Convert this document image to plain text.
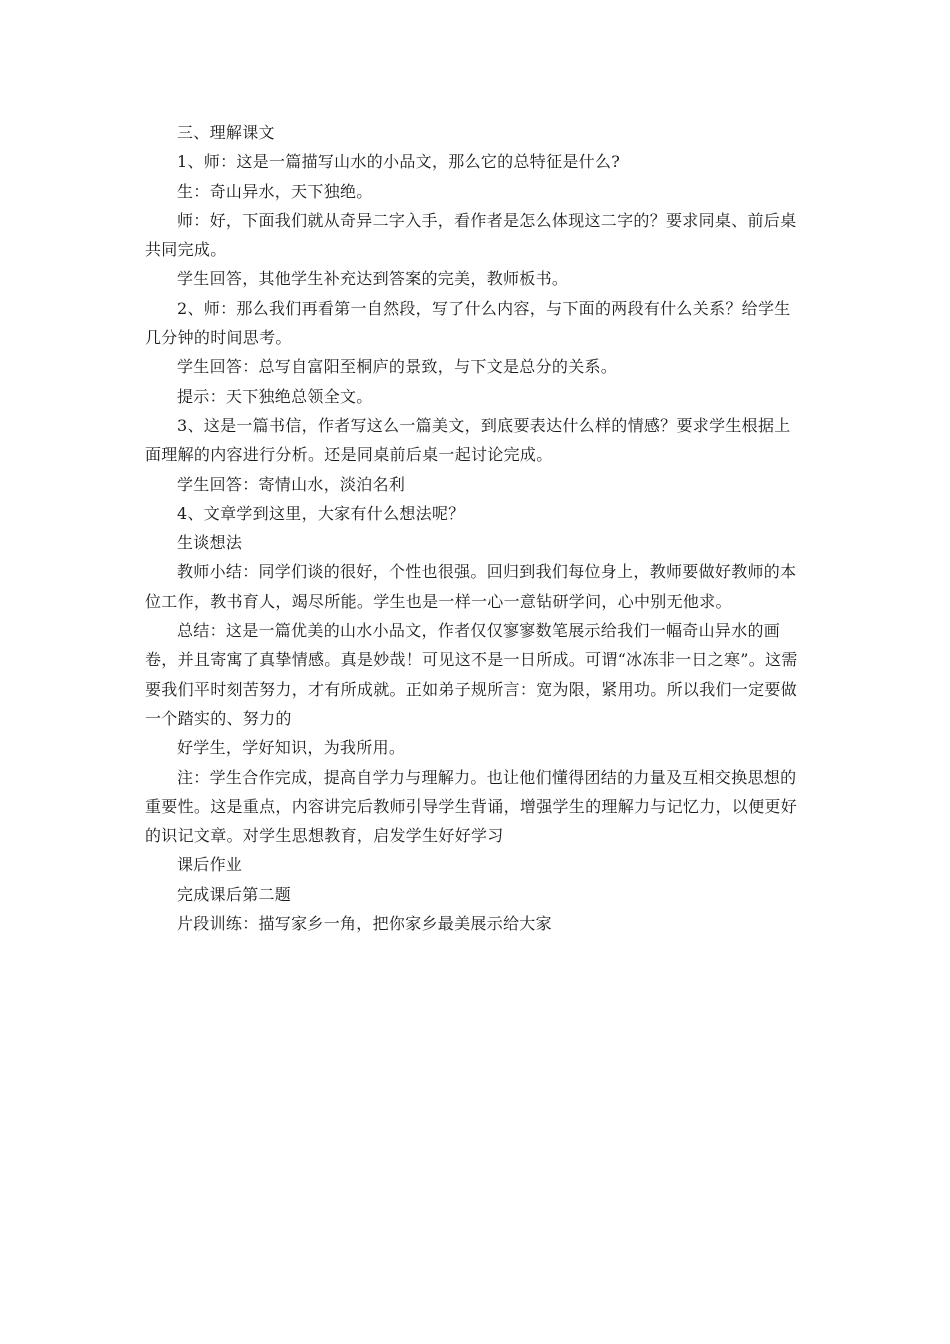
三、理解课文

1、师：这是一篇描写山水的小品文，那么它的总特征是什么?

生：奇山异水，天下独绝。

师：好，下面我们就从奇异二字入手，看作者是怎么体现这二字的？要求同桌、前后桌共同完成。

学生回答，其他学生补充达到答案的完美，教师板书。

2、师：那么我们再看第一自然段，写了什么内容，与下面的两段有什么关系？给学生几分钟的时间思考。

学生回答：总写自富阳至桐庐的景致，与下文是总分的关系。

提示：天下独绝总领全文。

3、这是一篇书信，作者写这么一篇美文，到底要表达什么样的情感？要求学生根据上面理解的内容进行分析。还是同桌前后桌一起讨论完成。

学生回答：寄情山水，淡泊名利

4、文章学到这里，大家有什么想法呢？

生谈想法

教师小结：同学们谈的很好，个性也很强。回归到我们每位身上，教师要做好教师的本位工作，教书育人，竭尽所能。学生也是一样一心一意钻研学问，心中别无他求。

总结：这是一篇优美的山水小品文，作者仅仅寥寥数笔展示给我们一幅奇山异水的画卷，并且寄寓了真挚情感。真是妙哉！可见这不是一日所成。可谓“冰冻非一日之寒”。这需要我们平时刻苦努力，才有所成就。正如弟子规所言：宽为限，紧用功。所以我们一定要做一个踏实的、努力的

好学生，学好知识，为我所用。

注：学生合作完成，提高自学力与理解力。也让他们懂得团结的力量及互相交换思想的重要性。这是重点，内容讲完后教师引导学生背诵，增强学生的理解力与记忆力，以便更好的识记文章。对学生思想教育，启发学生好好学习

课后作业

完成课后第二题

片段训练：描写家乡一角，把你家乡最美展示给大家
